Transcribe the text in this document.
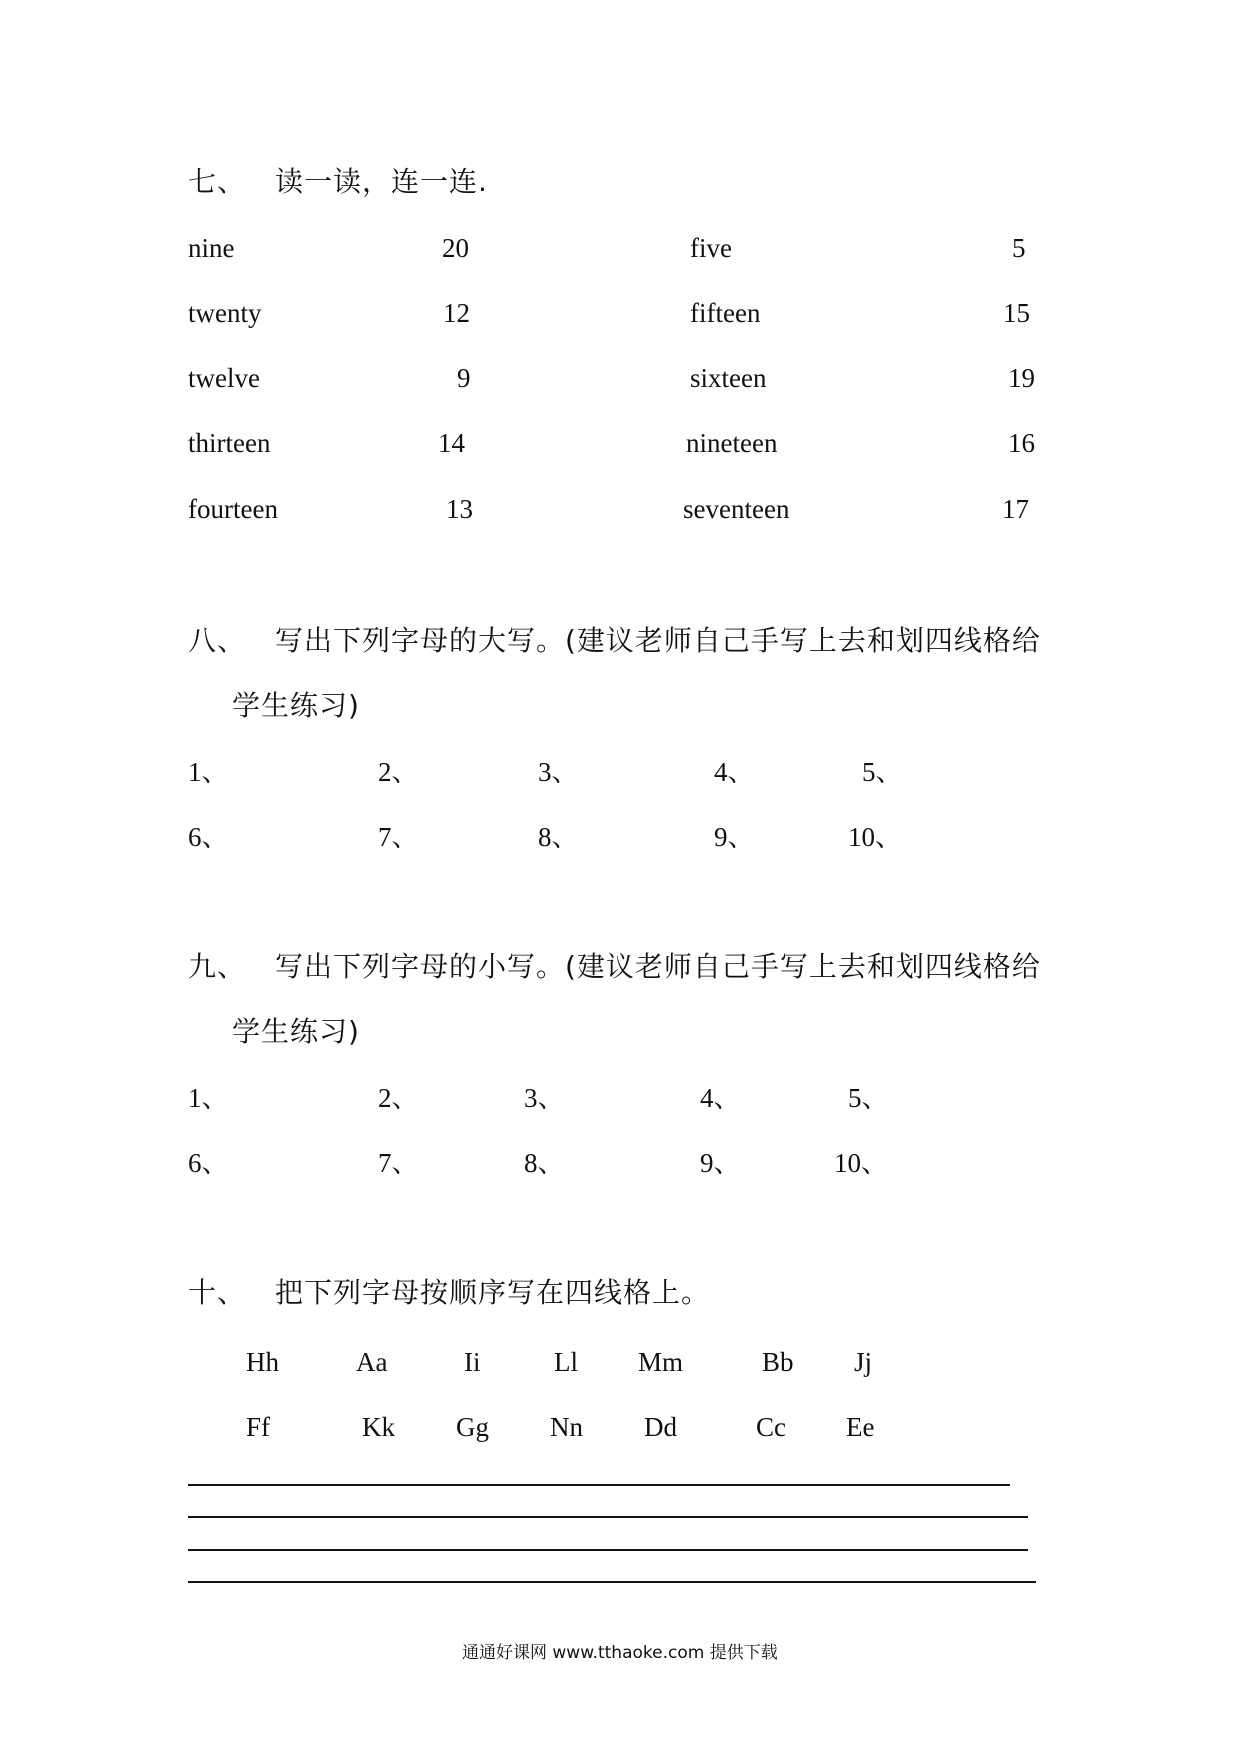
七、 读一读，连一连.
nine	20	five	5
twenty	12	fifteen	15
twelve	9	sixteen	19
thirteen	14	nineteen	16
fourteen	13	seventeen	17
八、 写出下列字母的大写。(建议老师自己手写上去和划四线格给
学生练习)
1、	2、	3、	4、	5、
6、	7、	8、	9、	10、
九、 写出下列字母的小写。(建议老师自己手写上去和划四线格给
学生练习)
1、	2、	3、	4、	5、
6、	7、	8、	9、	10、
十、 把下列字母按顺序写在四线格上。
Hh	Aa	Ii	Ll Mm	Bb Jj
Ff	Kk Gg Nn Dd	Cc Ee
通通好课网 www.tthaoke.com 提供下载
